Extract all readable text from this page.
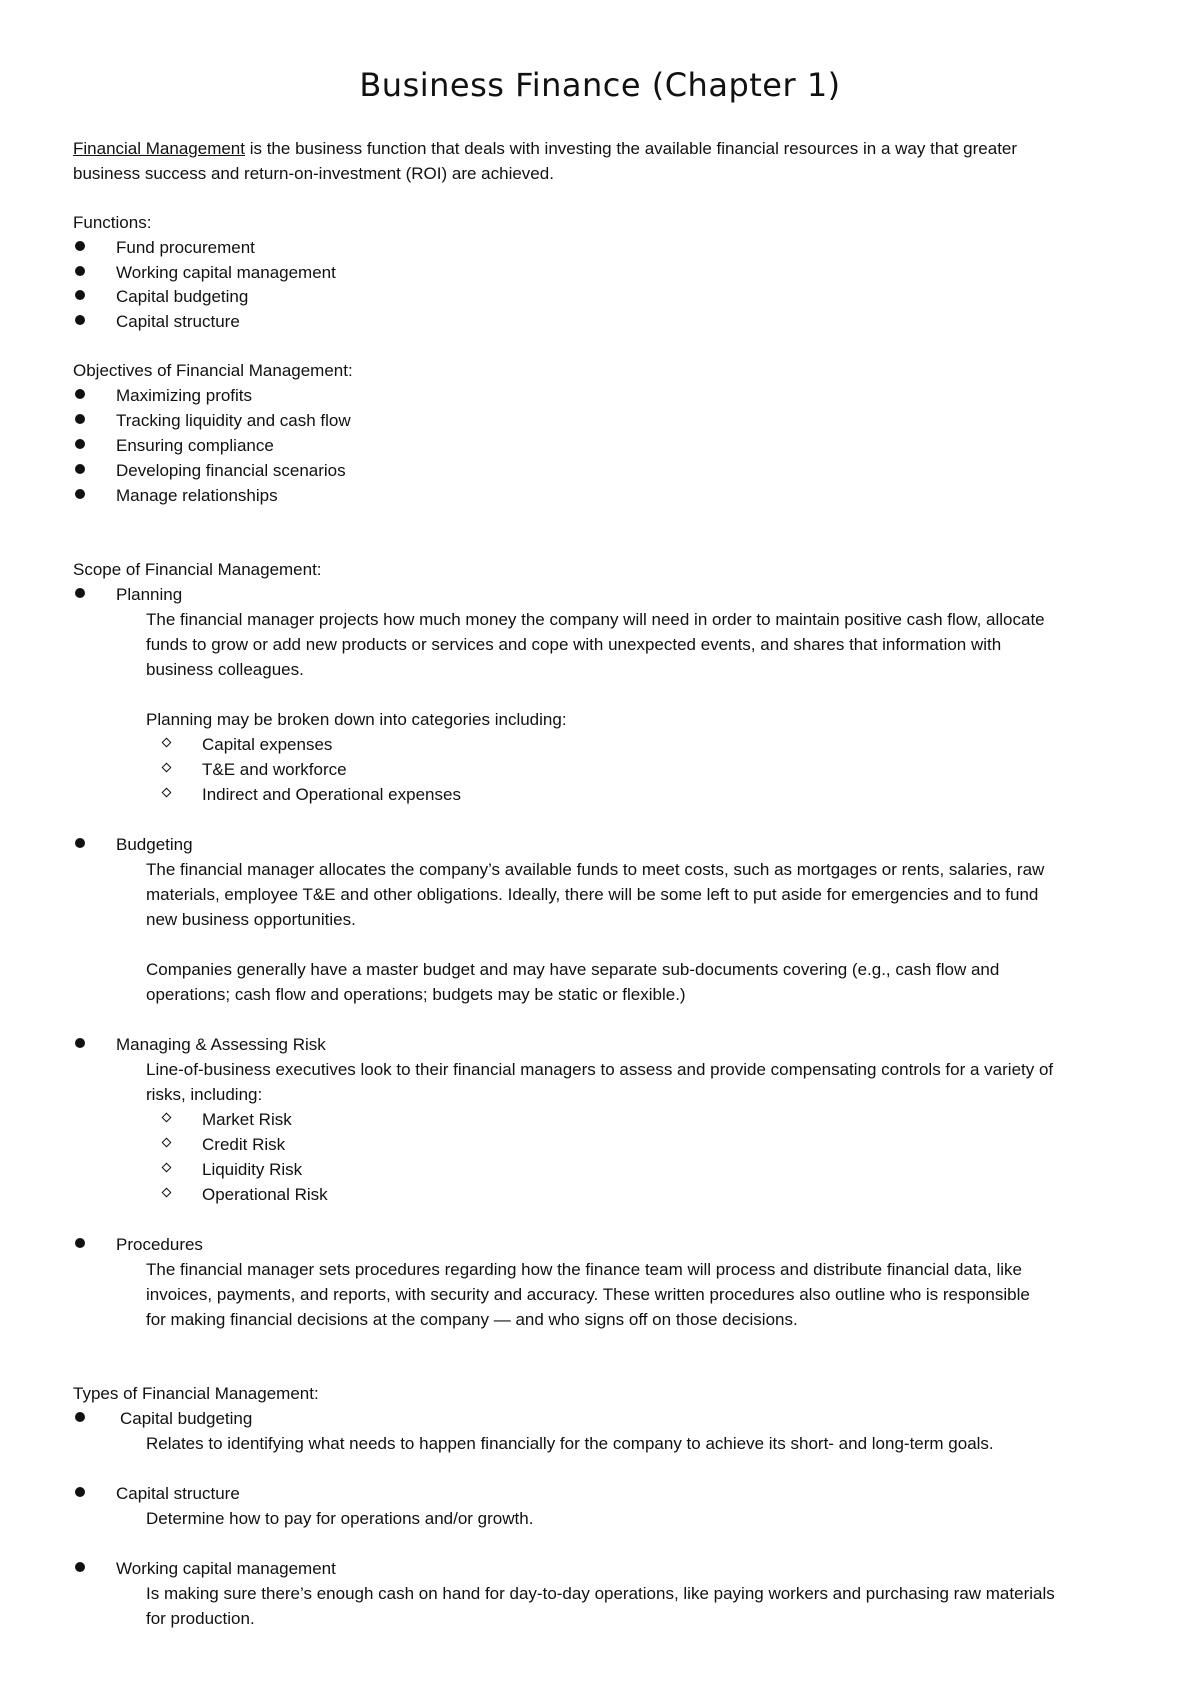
Business Finance (Chapter 1)
Financial Management is the business function that deals with investing the available financial resources in a way that greater
business success and return-on-investment (ROI) are achieved.
Functions:
Fund procurement
Working capital management
Capital budgeting
Capital structure
Objectives of Financial Management:
Maximizing profits
Tracking liquidity and cash flow
Ensuring compliance
Developing financial scenarios
Manage relationships
Scope of Financial Management:
Planning
The financial manager projects how much money the company will need in order to maintain positive cash flow, allocate
funds to grow or add new products or services and cope with unexpected events, and shares that information with
business colleagues.
Planning may be broken down into categories including:
Capital expenses
T&E and workforce
Indirect and Operational expenses
Budgeting
The financial manager allocates the company’s available funds to meet costs, such as mortgages or rents, salaries, raw
materials, employee T&E and other obligations. Ideally, there will be some left to put aside for emergencies and to fund
new business opportunities.
Companies generally have a master budget and may have separate sub-documents covering (e.g., cash flow and
operations; cash flow and operations; budgets may be static or flexible.)
Managing & Assessing Risk
Line-of-business executives look to their financial managers to assess and provide compensating controls for a variety of
risks, including:
Market Risk
Credit Risk
Liquidity Risk
Operational Risk
Procedures
The financial manager sets procedures regarding how the finance team will process and distribute financial data, like
invoices, payments, and reports, with security and accuracy. These written procedures also outline who is responsible
for making financial decisions at the company — and who signs off on those decisions.
Types of Financial Management:
Capital budgeting
Relates to identifying what needs to happen financially for the company to achieve its short- and long-term goals.
Capital structure
Determine how to pay for operations and/or growth.
Working capital management
Is making sure there’s enough cash on hand for day-to-day operations, like paying workers and purchasing raw materials
for production.
